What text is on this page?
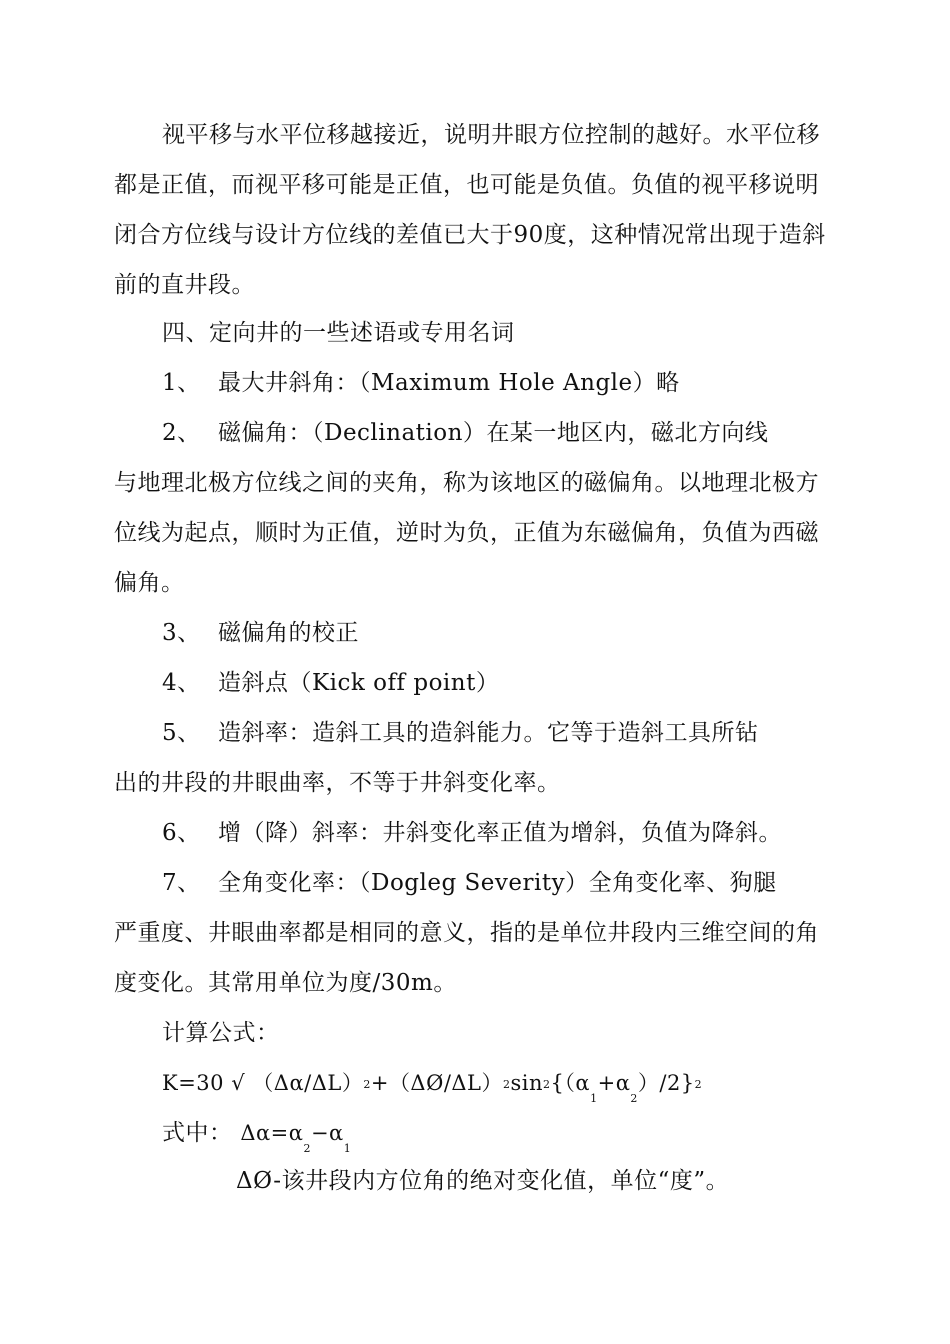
视平移与水平位移越接近，说明井眼方位控制的越好。水平位移
都是正值，而视平移可能是正值，也可能是负值。负值的视平移说明
闭合方位线与设计方位线的差值已大于90度，这种情况常出现于造斜
前的直井段。
四、定向井的一些述语或专用名词
1、 最大井斜角：（Maximum Hole Angle）略
2、 磁偏角：（Declination）在某一地区内，磁北方向线
与地理北极方位线之间的夹角，称为该地区的磁偏角。以地理北极方
位线为起点，顺时为正值，逆时为负，正值为东磁偏角，负值为西磁
偏角。
3、 磁偏角的校正
4、 造斜点（Kick off point）
5、 造斜率：造斜工具的造斜能力。它等于造斜工具所钻
出的井段的井眼曲率，不等于井斜变化率。
6、 增（降）斜率：井斜变化率正值为增斜，负值为降斜。
7、 全角变化率：（Dogleg Severity）全角变化率、狗腿
严重度、井眼曲率都是相同的意义，指的是单位井段内三维空间的角
度变化。其常用单位为度/30m。
计算公式：
K=30 √ $(\Delta\alpha/\Delta L)2+(\Delta Ø/\Delta L)2\sin 2\{(\alpha_1+\alpha_2)/2\}2$
式中： $\Delta\alpha=\alpha_2-\alpha_1$
ΔØ-该井段内方位角的绝对变化值，单位“度”。
